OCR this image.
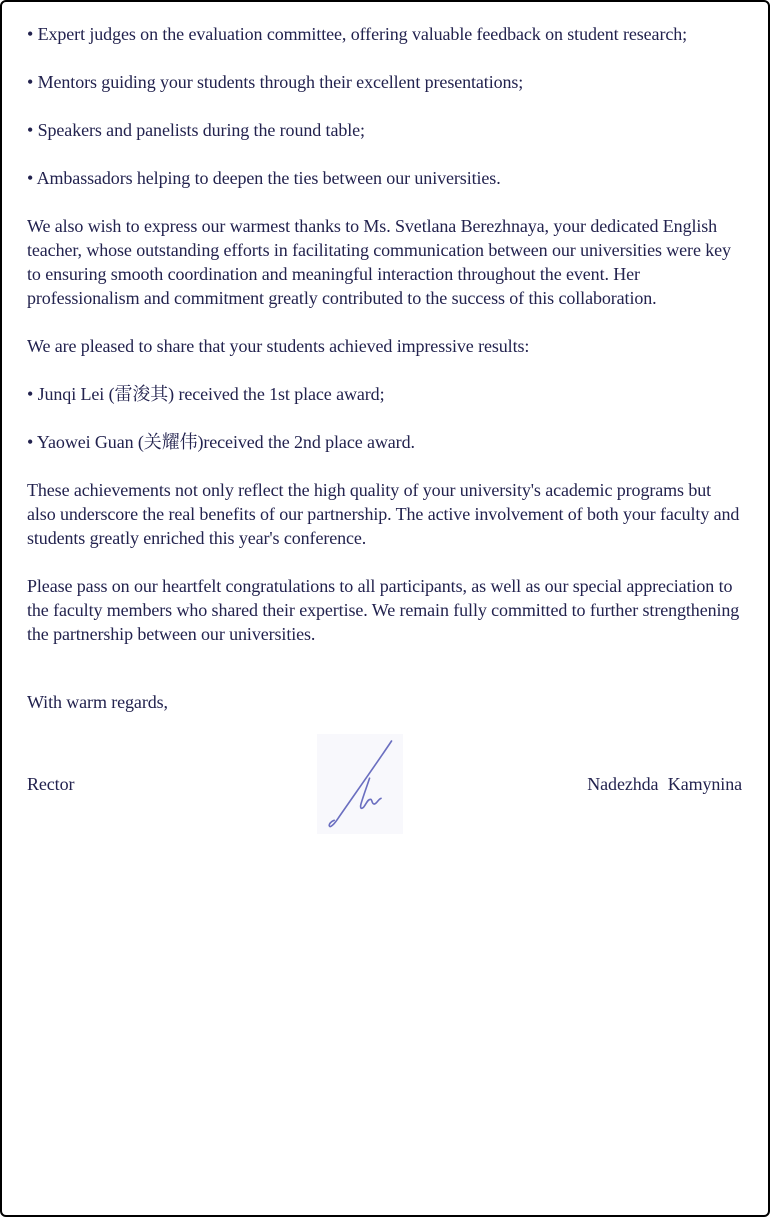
• Expert judges on the evaluation committee, offering valuable feedback on student research;

• Mentors guiding your students through their excellent presentations;

• Speakers and panelists during the round table;

• Ambassadors helping to deepen the ties between our universities.

We also wish to express our warmest thanks to Ms. Svetlana Berezhnaya, your dedicated English teacher, whose outstanding efforts in facilitating communication between our universities were key to ensuring smooth coordination and meaningful interaction throughout the event. Her professionalism and commitment greatly contributed to the success of this collaboration.

We are pleased to share that your students achieved impressive results:

• Junqi Lei (雷浚其) received the 1st place award;

• Yaowei Guan (关耀伟)received the 2nd place award.

These achievements not only reflect the high quality of your university's academic programs but also underscore the real benefits of our partnership. The active involvement of both your faculty and students greatly enriched this year's conference.

Please pass on our heartfelt congratulations to all participants, as well as our special appreciation to the faculty members who shared their expertise. We remain fully committed to further strengthening the partnership between our universities.

With warm regards,

Rector	Nadezhda Kamynina
